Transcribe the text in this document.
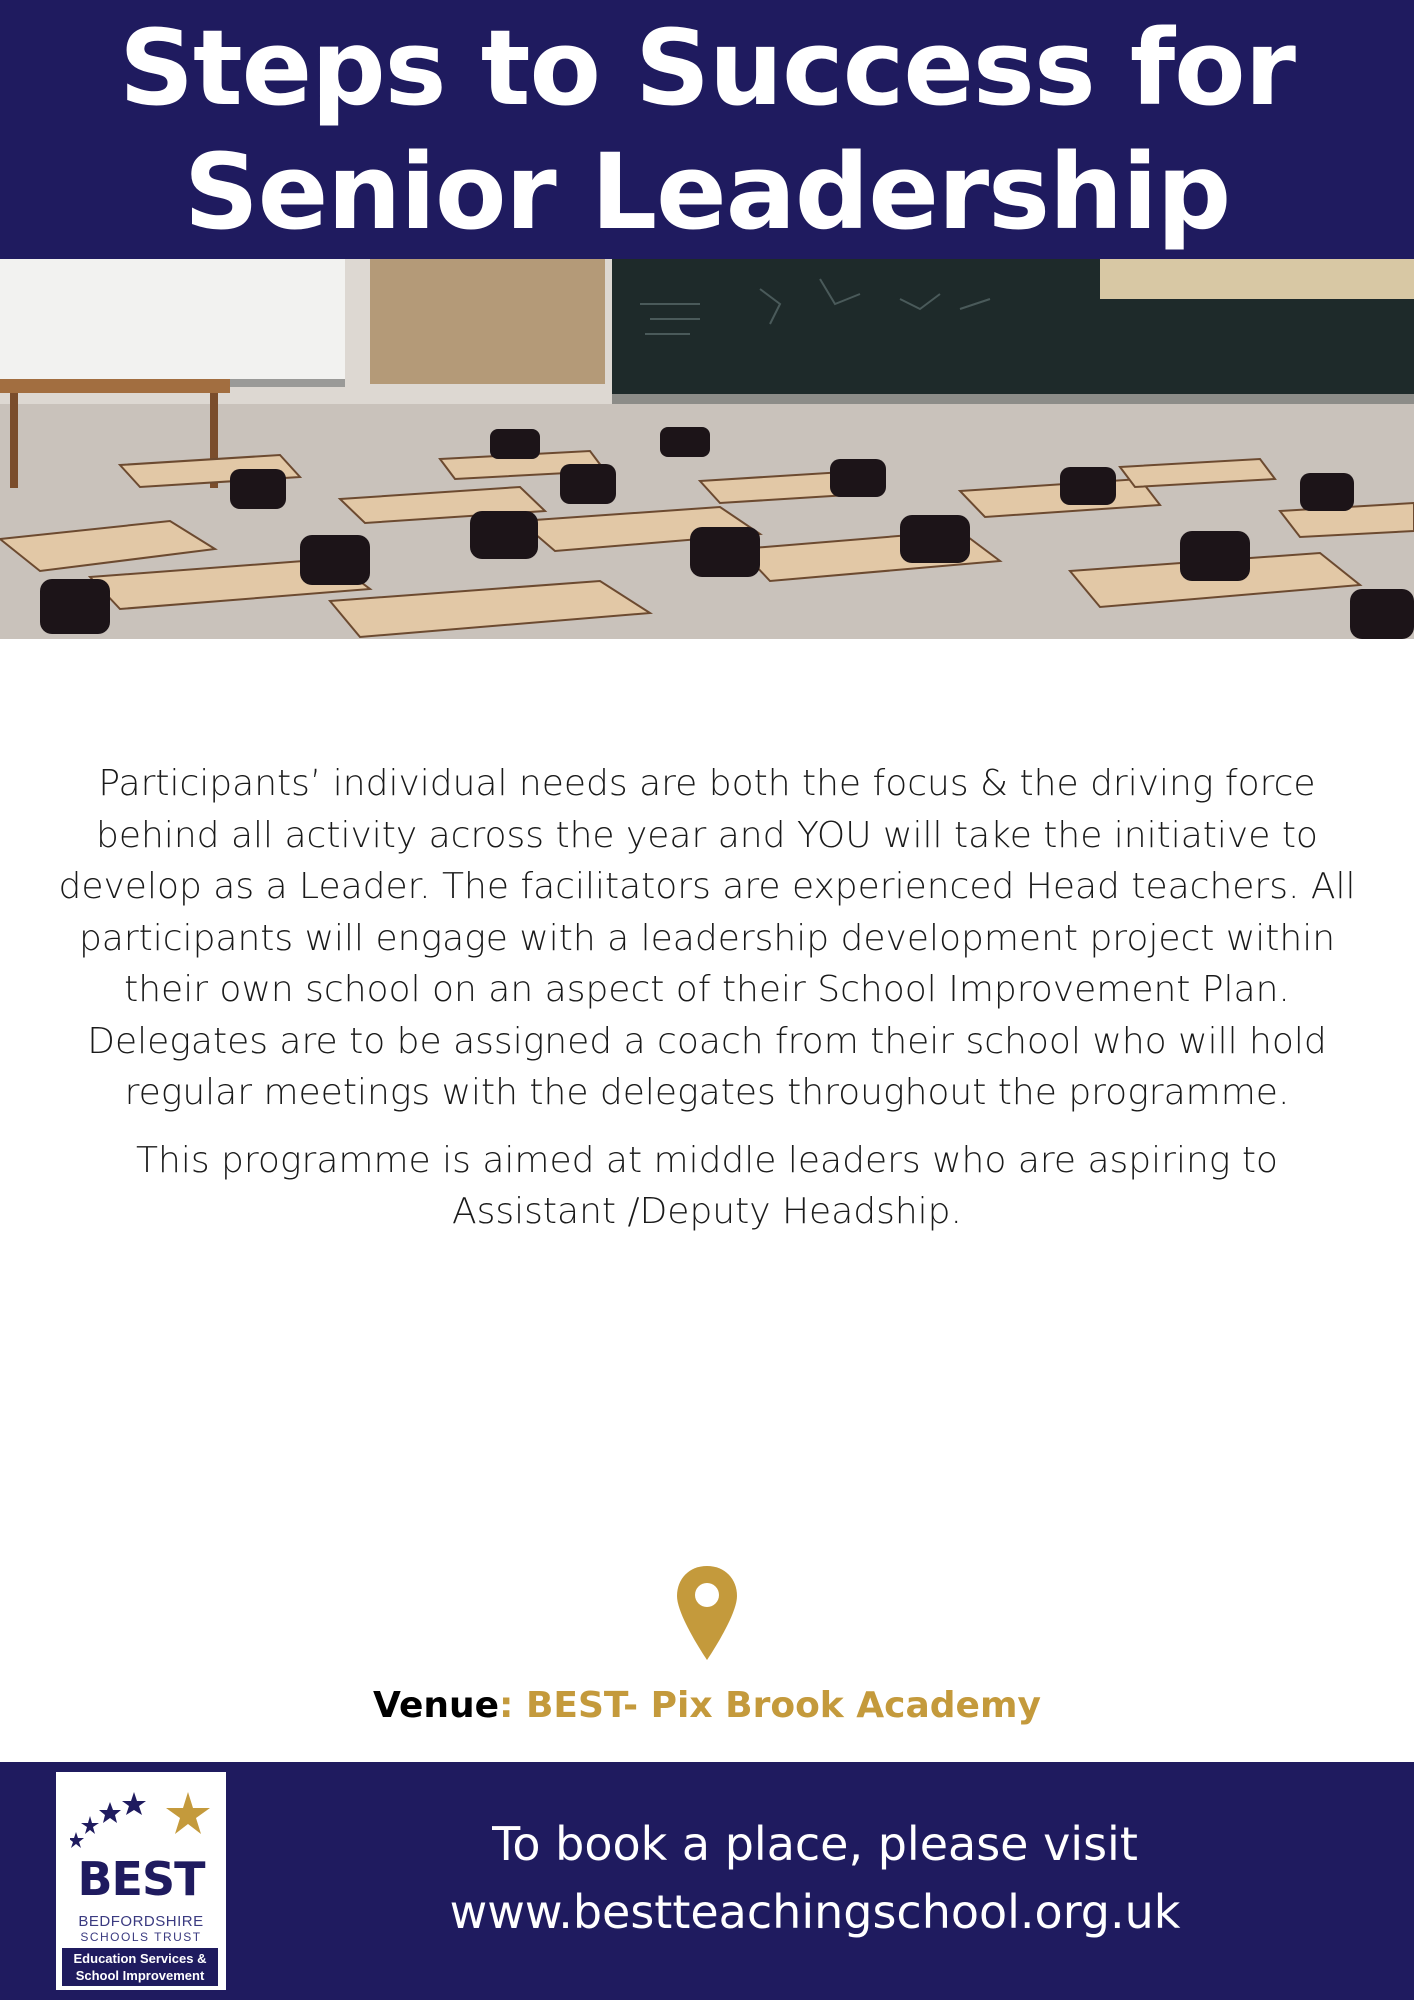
Steps to Success for
Senior Leadership

Participants’ individual needs are both the focus & the driving force behind all activity across the year and YOU will take the initiative to develop as a Leader. The facilitators are experienced Head teachers. All participants will engage with a leadership development project within their own school on an aspect of their School Improvement Plan. Delegates are to be assigned a coach from their school who will hold regular meetings with the delegates throughout the programme.

This programme is aimed at middle leaders who are aspiring to Assistant /Deputy Headship.

Venue: BEST- Pix Brook Academy
BEST
BEDFORDSHIRE
SCHOOLS TRUST
Education Services &
School Improvement
To book a place, please visit
www.bestteachingschool.org.uk
